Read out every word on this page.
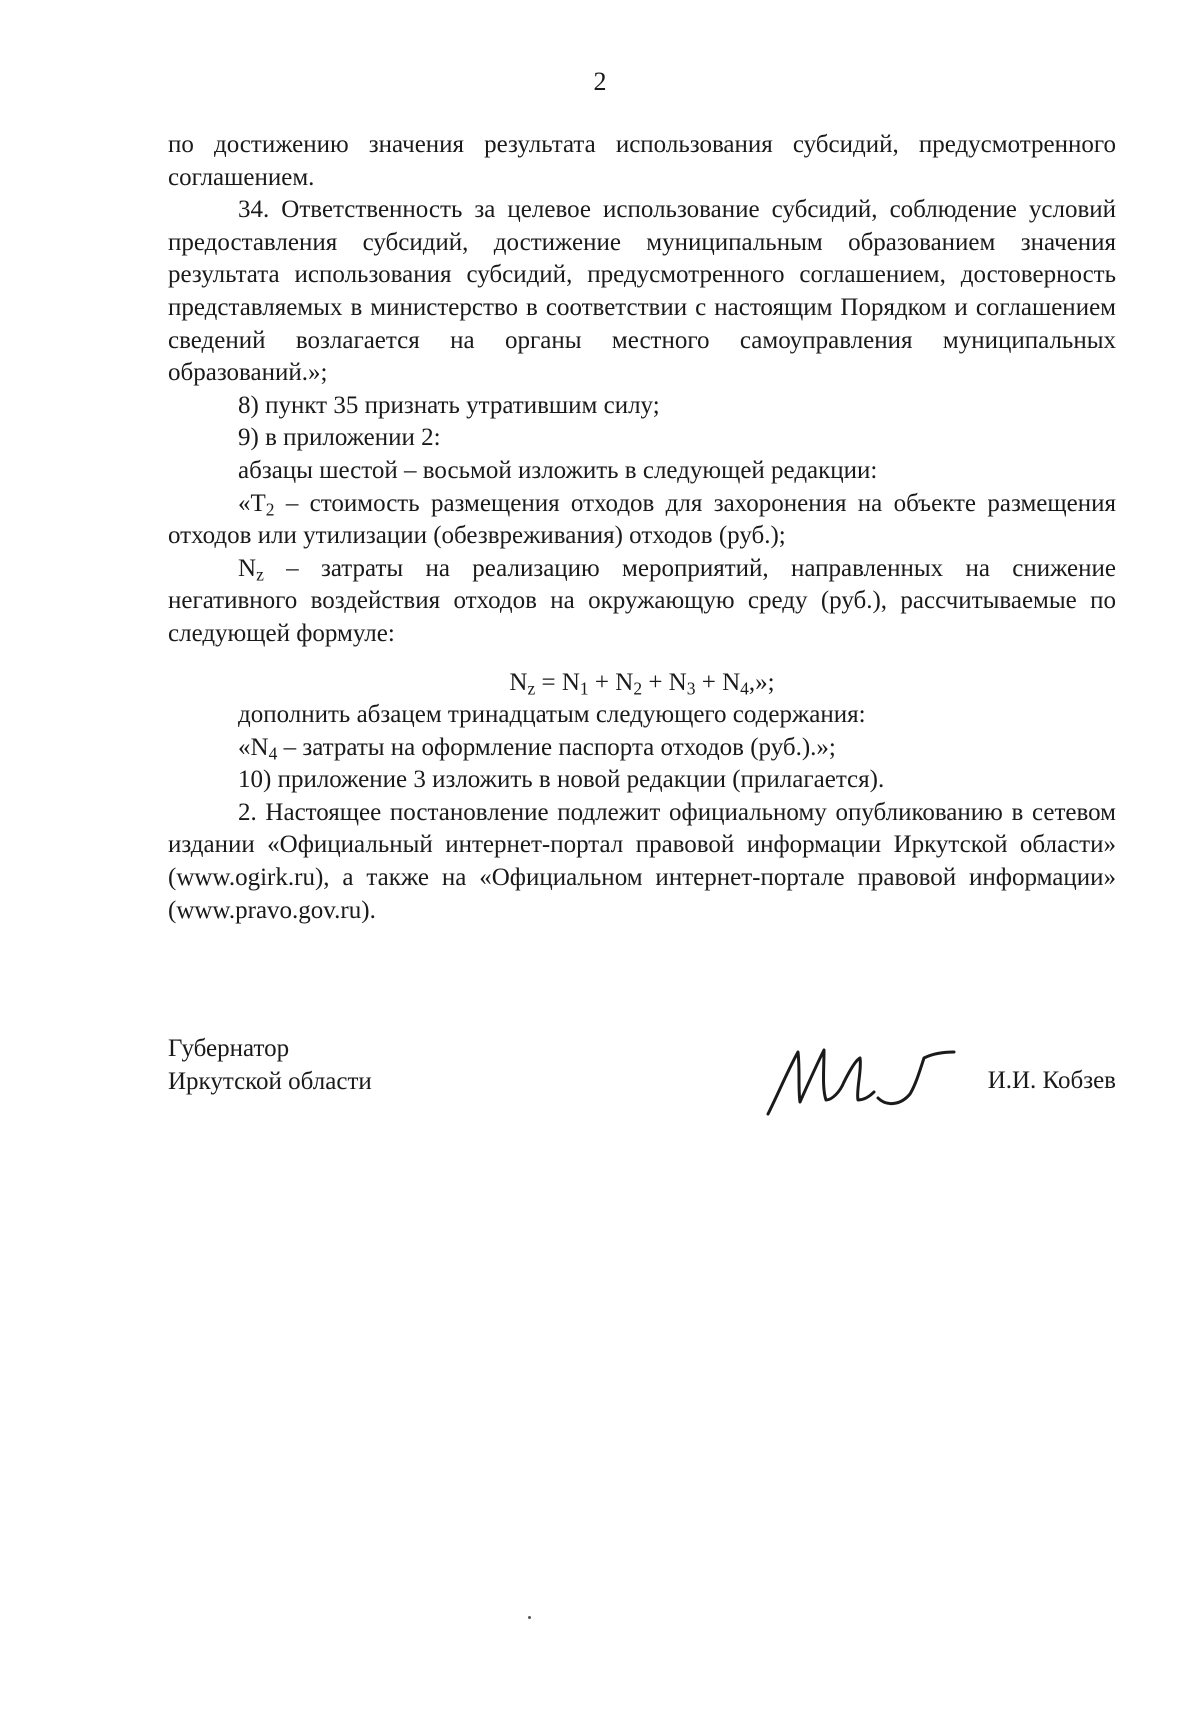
2

по достижению значения результата использования субсидий, предусмотренного соглашением.

34. Ответственность за целевое использование субсидий, соблюдение условий предоставления субсидий, достижение муниципальным образованием значения результата использования субсидий, предусмотренного соглашением, достоверность представляемых в министерство в соответствии с настоящим Порядком и соглашением сведений возлагается на органы местного самоуправления муниципальных образований.»;

8) пункт 35 признать утратившим силу;

9) в приложении 2:

абзацы шестой – восьмой изложить в следующей редакции:

«$T_2$ – стоимость размещения отходов для захоронения на объекте размещения отходов или утилизации (обезвреживания) отходов (руб.);

$N_z$ – затраты на реализацию мероприятий, направленных на снижение негативного воздействия отходов на окружающую среду (руб.), рассчитываемые по следующей формуле:

$N_z = N_1 + N_2 + N_3 + N_4$,»;

дополнить абзацем тринадцатым следующего содержания:

«$N_4$ – затраты на оформление паспорта отходов (руб.).»;

10) приложение 3 изложить в новой редакции (прилагается).

2. Настоящее постановление подлежит официальному опубликованию в сетевом издании «Официальный интернет-портал правовой информации Иркутской области» (www.ogirk.ru), а также на «Официальном интернет-портале правовой информации» (www.pravo.gov.ru).

Губернатор
Иркутской области	И.И. Кобзев
